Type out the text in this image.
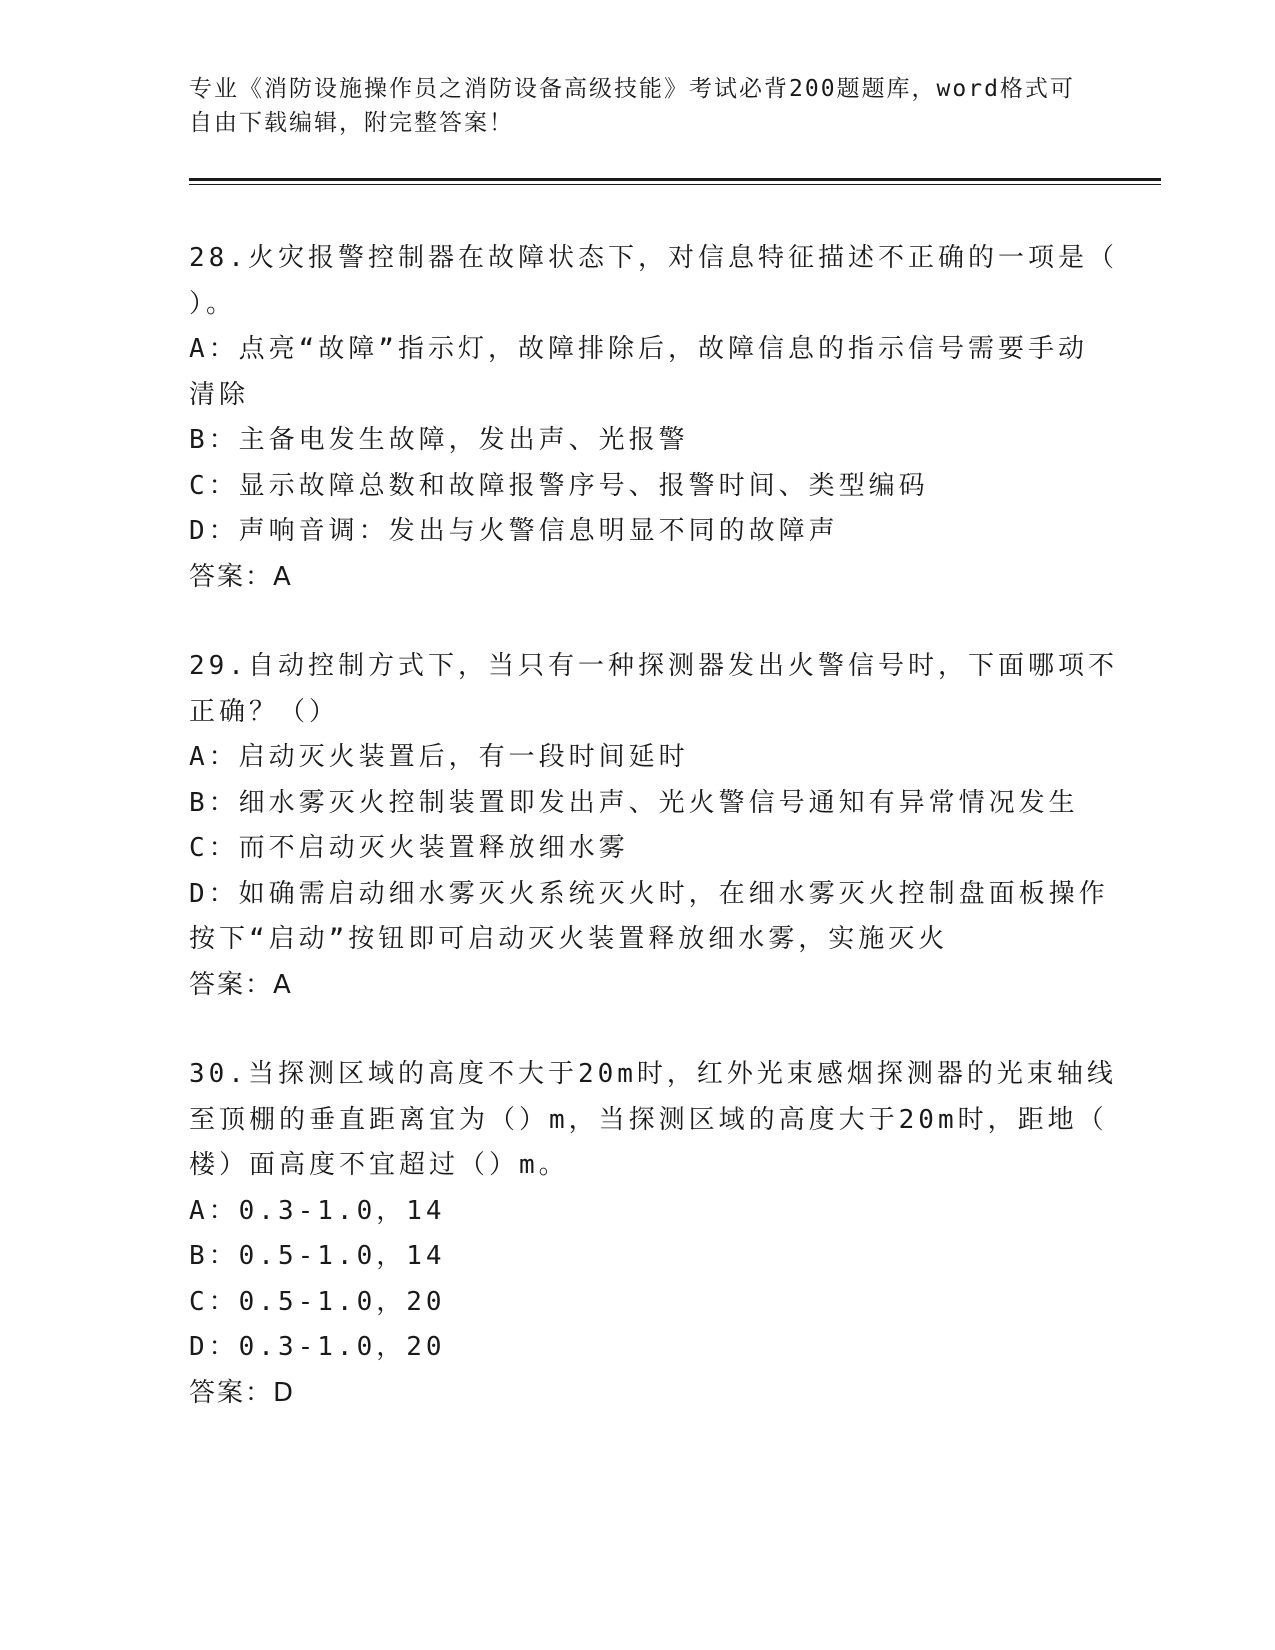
专业《消防设施操作员之消防设备高级技能》考试必背200题题库，word格式可
自由下载编辑，附完整答案！
28.火灾报警控制器在故障状态下，对信息特征描述不正确的一项是（
）。
A：点亮“故障”指示灯，故障排除后，故障信息的指示信号需要手动
清除
B：主备电发生故障，发出声、光报警
C：显示故障总数和故障报警序号、报警时间、类型编码
D：声响音调：发出与火警信息明显不同的故障声
答案：A
29.自动控制方式下，当只有一种探测器发出火警信号时，下面哪项不
正确？（）
A：启动灭火装置后，有一段时间延时
B：细水雾灭火控制装置即发出声、光火警信号通知有异常情况发生
C：而不启动灭火装置释放细水雾
D：如确需启动细水雾灭火系统灭火时，在细水雾灭火控制盘面板操作
按下“启动”按钮即可启动灭火装置释放细水雾，实施灭火
答案：A
30.当探测区域的高度不大于20m时，红外光束感烟探测器的光束轴线
至顶棚的垂直距离宜为（）m，当探测区域的高度大于20m时，距地（
楼）面高度不宜超过（）m。
A：0.3-1.0，14
B：0.5-1.0，14
C：0.5-1.0，20
D：0.3-1.0，20
答案：D
